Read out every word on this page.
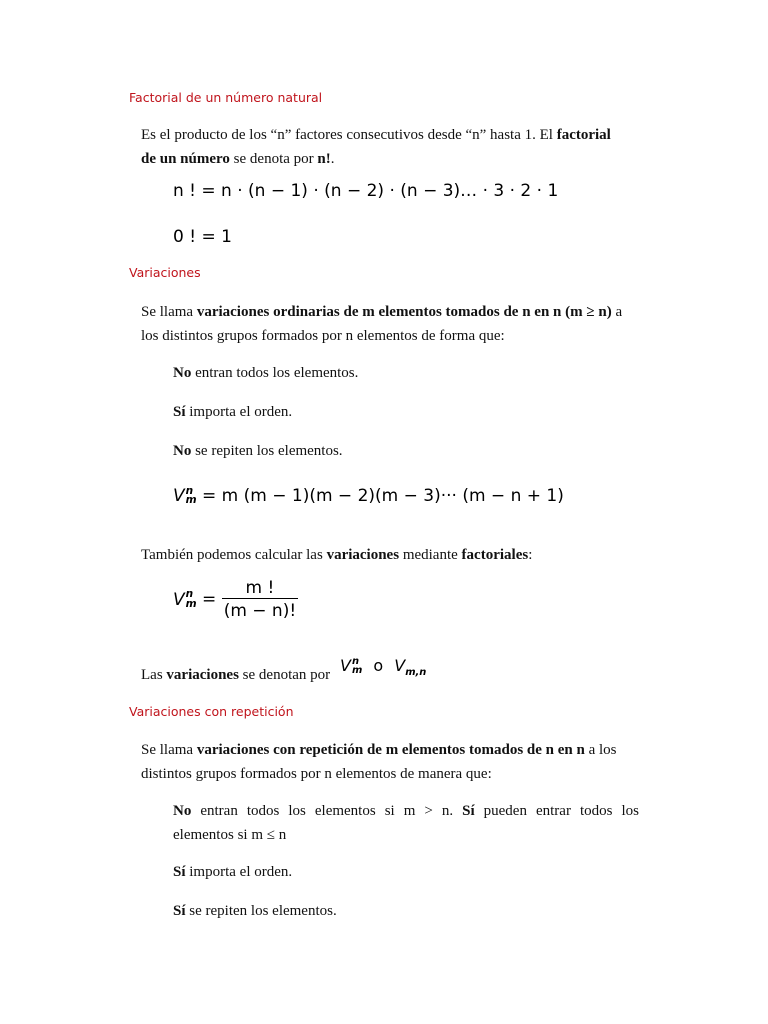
Factorial de un número natural
Es el producto de los “n” factores consecutivos desde “n” hasta 1. El factorial
de un número se denota por n!.
n ! = n · (n − 1) · (n − 2) · (n − 3)… · 3 · 2 · 1
0 ! = 1
Variaciones
Se llama variaciones ordinarias de m elementos tomados de n en n (m ≥ n) a
los distintos grupos formados por n elementos de forma que:
No entran todos los elementos.
Sí importa el orden.
No se repiten los elementos.
V n
m = m (m − 1)(m − 2)(m − 3)··· (m − n + 1)
También podemos calcular las variaciones mediante factoriales:
V n
$m = \frac{m !}{(m - n)!}$
Las variaciones se denotan por V n
m o $V_{m,n}$
Variaciones con repetición
Se llama variaciones con repetición de m elementos tomados de n en n a los
distintos grupos formados por n elementos de manera que:
No entran todos los elementos si m > n. Sí pueden entrar todos los
elementos si m ≤ n
Sí importa el orden.
Sí se repiten los elementos.
